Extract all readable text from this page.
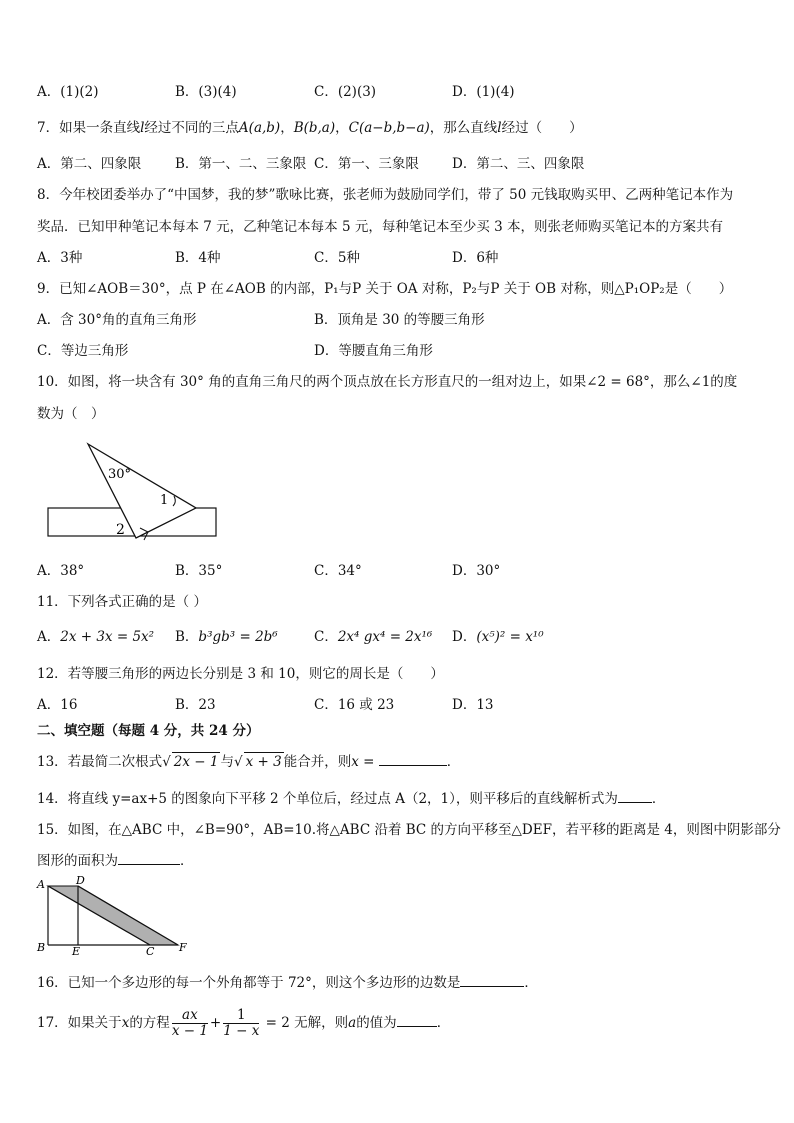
A．(1)(2)	B．(3)(4)	C．(2)(3)	D．(1)(4)
7．如果一条直线l经过不同的三点A(a,b)，B(b,a)，C(a−b,b−a)，那么直线l经过（　　）
A．第二、四象限	B．第一、二、三象限 C．第一、三象限 D．第二、三、四象限
8．今年校团委举办了“中国梦，我的梦”歌咏比赛，张老师为鼓励同学们，带了 50 元钱取购买甲、乙两种笔记本作为
奖品．已知甲种笔记本每本 7 元，乙种笔记本每本 5 元，每种笔记本至少买 3 本，则张老师购买笔记本的方案共有
A．3种	B．4种	C．5种	D．6种
9．已知∠AOB＝30°，点 P 在∠AOB 的内部，P₁与P 关于 OA 对称，P₂与P 关于 OB 对称，则△P₁OP₂是（　　）
A．含 30°角的直角三角形	B．顶角是 30 的等腰三角形
C．等边三角形	D．等腰直角三角形
10．如图，将一块含有 30° 角的直角三角尺的两个顶点放在长方形直尺的一组对边上，如果∠2 = 68°，那么∠1的度
数为（　）
30°
1
2
A．38°	B．35°	C．34°	D．30°
11．下列各式正确的是（ ）
A．2x + 3x = 5x² B．b³gb³ = 2b⁶	C．2x⁴ gx⁴ = 2x¹⁶ D．(x⁵)² = x¹⁰
12．若等腰三角形的两边长分别是 3 和 10，则它的周长是（　　）
A．16	B．23	C．16 或 23	D．13
二、填空题（每题 4 分，共 24 分）
13．若最简二次根式√ 2x − 1 与√ x + 3 能合并，则x =	．
14．将直线 y=ax+5 的图象向下平移 2 个单位后，经过点 A（2，1），则平移后的直线解析式为	．
15．如图，在△ABC 中，∠B=90°，AB=10.将△ABC 沿着 BC 的方向平移至△DEF，若平移的距离是 4，则图中阴影部分
图形的面积为	．
A	D
B E	C F
16．已知一个多边形的每一个外角都等于 72°，则这个多边形的边数是	．
17．如果关于x的方程 $\frac{ax}{x - 1} + \frac{1}{1 - x} = 2$ 无解，则a的值为	．
